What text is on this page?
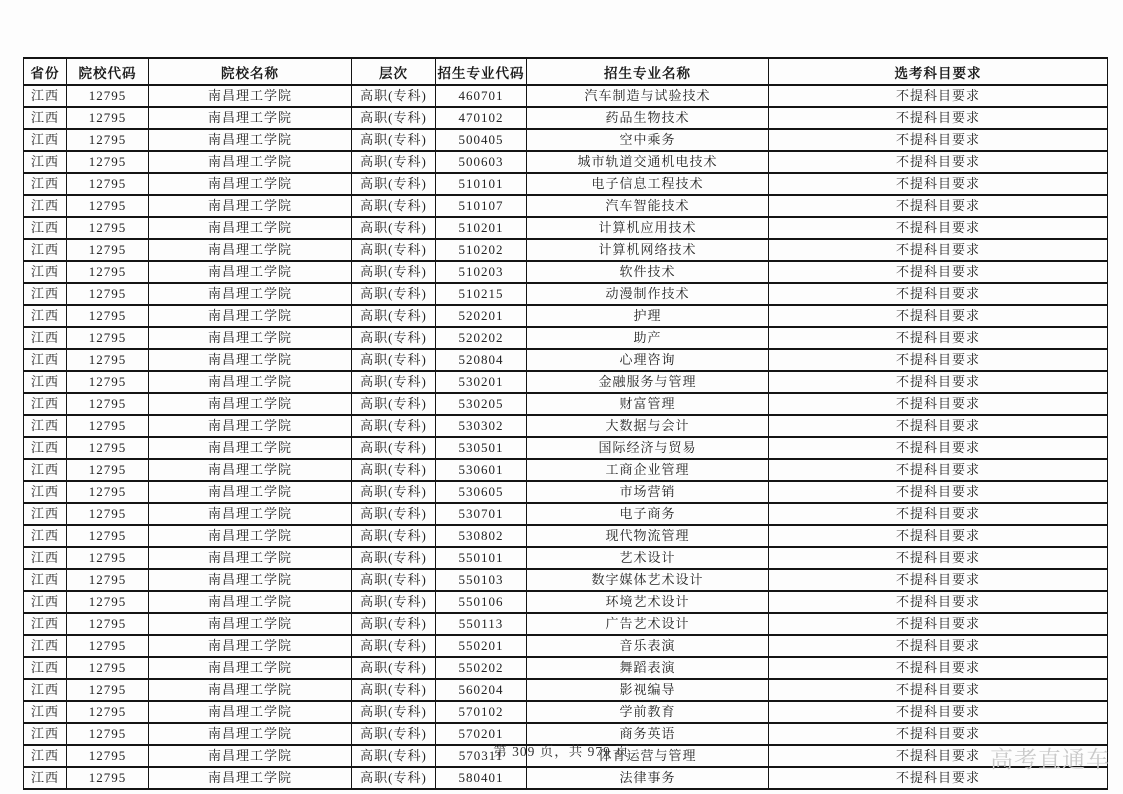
省份	院校代码	院校名称	层次	招生专业代码	招生专业名称	选考科目要求
江西	12795	南昌理工学院	高职(专科)	460701	汽车制造与试验技术	不提科目要求
江西	12795	南昌理工学院	高职(专科)	470102	药品生物技术	不提科目要求
江西	12795	南昌理工学院	高职(专科)	500405	空中乘务	不提科目要求
江西	12795	南昌理工学院	高职(专科)	500603	城市轨道交通机电技术	不提科目要求
江西	12795	南昌理工学院	高职(专科)	510101	电子信息工程技术	不提科目要求
江西	12795	南昌理工学院	高职(专科)	510107	汽车智能技术	不提科目要求
江西	12795	南昌理工学院	高职(专科)	510201	计算机应用技术	不提科目要求
江西	12795	南昌理工学院	高职(专科)	510202	计算机网络技术	不提科目要求
江西	12795	南昌理工学院	高职(专科)	510203	软件技术	不提科目要求
江西	12795	南昌理工学院	高职(专科)	510215	动漫制作技术	不提科目要求
江西	12795	南昌理工学院	高职(专科)	520201	护理	不提科目要求
江西	12795	南昌理工学院	高职(专科)	520202	助产	不提科目要求
江西	12795	南昌理工学院	高职(专科)	520804	心理咨询	不提科目要求
江西	12795	南昌理工学院	高职(专科)	530201	金融服务与管理	不提科目要求
江西	12795	南昌理工学院	高职(专科)	530205	财富管理	不提科目要求
江西	12795	南昌理工学院	高职(专科)	530302	大数据与会计	不提科目要求
江西	12795	南昌理工学院	高职(专科)	530501	国际经济与贸易	不提科目要求
江西	12795	南昌理工学院	高职(专科)	530601	工商企业管理	不提科目要求
江西	12795	南昌理工学院	高职(专科)	530605	市场营销	不提科目要求
江西	12795	南昌理工学院	高职(专科)	530701	电子商务	不提科目要求
江西	12795	南昌理工学院	高职(专科)	530802	现代物流管理	不提科目要求
江西	12795	南昌理工学院	高职(专科)	550101	艺术设计	不提科目要求
江西	12795	南昌理工学院	高职(专科)	550103	数字媒体艺术设计	不提科目要求
江西	12795	南昌理工学院	高职(专科)	550106	环境艺术设计	不提科目要求
江西	12795	南昌理工学院	高职(专科)	550113	广告艺术设计	不提科目要求
江西	12795	南昌理工学院	高职(专科)	550201	音乐表演	不提科目要求
江西	12795	南昌理工学院	高职(专科)	550202	舞蹈表演	不提科目要求
江西	12795	南昌理工学院	高职(专科)	560204	影视编导	不提科目要求
江西	12795	南昌理工学院	高职(专科)	570102	学前教育	不提科目要求
江西	12795	南昌理工学院	高职(专科)	570201	商务英语	不提科目要求
江西	12795	南昌理工学院	高职(专科)	570311	体育运营与管理	不提科目要求
江西	12795	南昌理工学院	高职(专科)	580401	法律事务	不提科目要求
第 309 页，共 979 页	高考直通车
